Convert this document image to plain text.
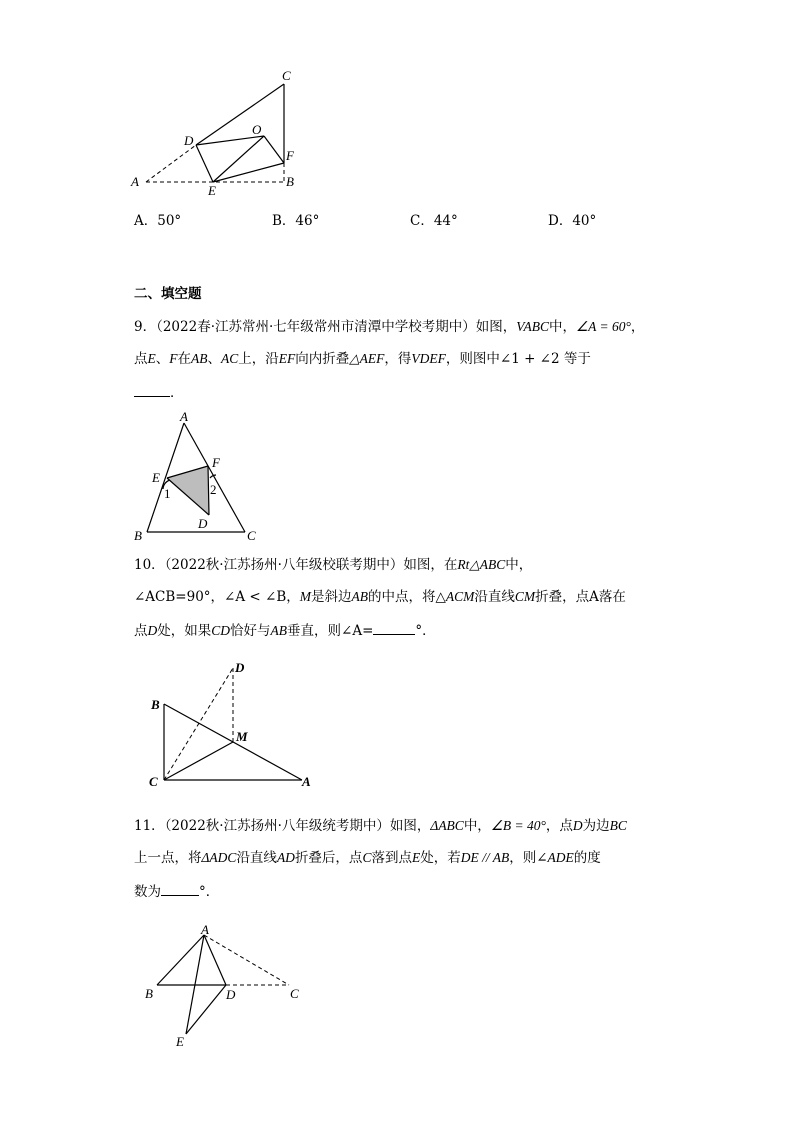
C
D
O
F
A
E
B
A．50°	B．46°	C．44°	D．40°
二、填空题
9．（2022春·江苏常州·七年级常州市清潭中学校考期中）如图，VABC中，∠A = 60°，
点E、F在AB、AC上，沿EF向内折叠△AEF，得VDEF，则图中∠1 + ∠2 等于
．
A
E
F
1	2
D
B	C
10．（2022秋·江苏扬州·八年级校联考期中）如图，在Rt△ABC中，
∠ACB=90°，∠A < ∠B，M是斜边AB的中点，将△ACM沿直线CM折叠，点A落在
点D处，如果CD恰好与AB垂直，则∠A=	°．
D
B
M
C	A
11．（2022秋·江苏扬州·八年级统考期中）如图，ΔABC中，∠B = 40°，点D为边BC
上一点，将ΔADC沿直线AD折叠后，点C落到点E处，若DE // AB，则∠ADE的度
数为	°．
A
B	D	C
E
